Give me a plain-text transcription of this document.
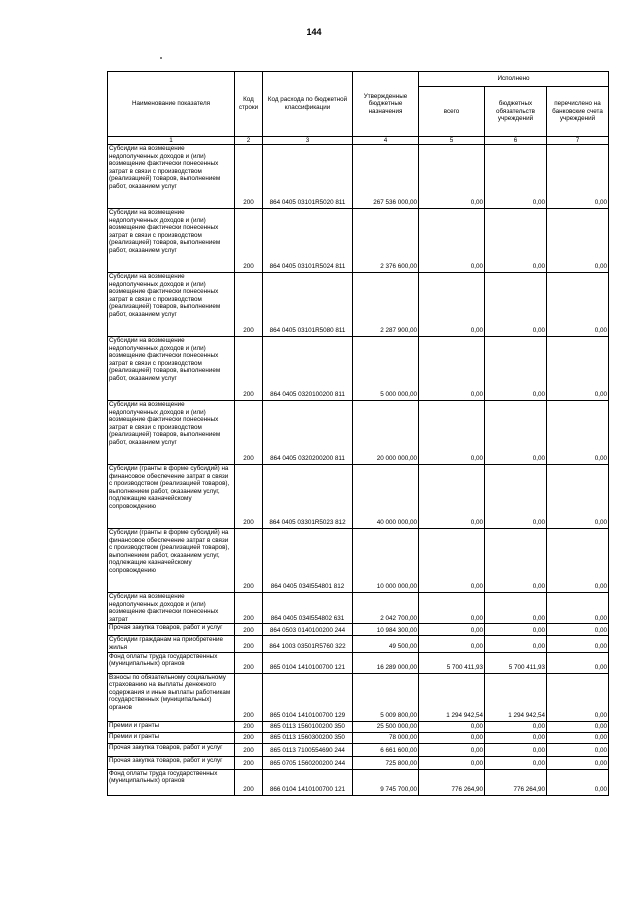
144
Наименование показателя	Код строки	Код расхода по бюджетной классификации	Утвержденные бюджетные назначения	Исполнено		
				всего	бюджетных обязательств учреждений	перечислено на банковские счета учреждений
1	2	3	4	5	6	7
Субсидии на возмещение недополученных доходов и (или) возмещение фактически понесенных затрат в связи с производством (реализацией) товаров, выполнением работ, оказанием услуг	200	864 0405 03101R5020 811	267 536 000,00	0,00	0,00	0,00
Субсидии на возмещение недополученных доходов и (или) возмещение фактически понесенных затрат в связи с производством (реализацией) товаров, выполнением работ, оказанием услуг	200	864 0405 03101R5024 811	2 376 600,00	0,00	0,00	0,00
Субсидии на возмещение недополученных доходов и (или) возмещение фактически понесенных затрат в связи с производством (реализацией) товаров, выполнением работ, оказанием услуг	200	864 0405 03101R5080 811	2 287 900,00	0,00	0,00	0,00
Субсидии на возмещение недополученных доходов и (или) возмещение фактически понесенных затрат в связи с производством (реализацией) товаров, выполнением работ, оказанием услуг	200	864 0405 0320100200 811	5 000 000,00	0,00	0,00	0,00
Субсидии на возмещение недополученных доходов и (или) возмещение фактически понесенных затрат в связи с производством (реализацией) товаров, выполнением работ, оказанием услуг	200	864 0405 0320200200 811	20 000 000,00	0,00	0,00	0,00
Субсидии (гранты в форме субсидий) на финансовое обеспечение затрат в связи с производством (реализацией товаров), выполнением работ, оказанием услуг, подлежащие казначейскому сопровождению	200	864 0405 03301R5023 812	40 000 000,00	0,00	0,00	0,00
Субсидии (гранты в форме субсидий) на финансовое обеспечение затрат в связи с производством (реализацией товаров), выполнением работ, оказанием услуг, подлежащие казначейскому сопровождению	200	864 0405 034I554801 812	10 000 000,00	0,00	0,00	0,00
Субсидии на возмещение недополученных доходов и (или) возмещение фактически понесенных затрат	200	864 0405 034I554802 631	2 042 700,00	0,00	0,00	0,00
Прочая закупка товаров, работ и услуг	200	864 0503 0140100200 244	10 984 300,00	0,00	0,00	0,00
Субсидии гражданам на приобретение жилья	200	864 1003 03501R5760 322	49 500,00	0,00	0,00	0,00
Фонд оплаты труда государственных (муниципальных) органов	200	865 0104 1410100700 121	16 289 000,00	5 700 411,93	5 700 411,93	0,00
Взносы по обязательному социальному страхованию на выплаты денежного содержания и иные выплаты работникам государственных (муниципальных) органов	200	865 0104 1410100700 129	5 009 800,00	1 294 942,54	1 294 942,54	0,00
Премии и гранты	200	865 0113 1560100200 350	25 500 000,00	0,00	0,00	0,00
Премии и гранты	200	865 0113 1560300200 350	78 000,00	0,00	0,00	0,00
Прочая закупка товаров, работ и услуг	200	865 0113 7100554690 244	6 661 600,00	0,00	0,00	0,00
Прочая закупка товаров, работ и услуг	200	865 0705 1560200200 244	725 800,00	0,00	0,00	0,00
Фонд оплаты труда государственных (муниципальных) органов	200	866 0104 1410100700 121	9 745 700,00	776 264,90	776 264,90	0,00
